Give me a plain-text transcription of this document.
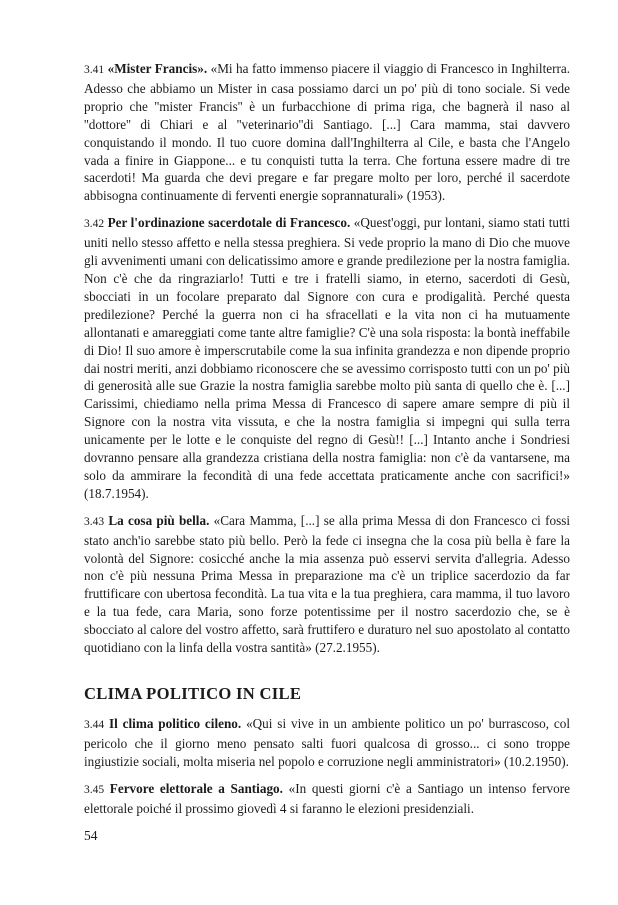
3.41 «Mister Francis». «Mi ha fatto immenso piacere il viaggio di Francesco in Inghilterra. Adesso che abbiamo un Mister in casa possiamo darci un po' più di tono sociale. Si vede proprio che ''mister Francis'' è un furbacchione di prima riga, che bagnerà il naso al ''dottore'' di Chiari e al ''veterinario''di Santiago. [...] Cara mamma, stai davvero conquistando il mondo. Il tuo cuore domina dall'Inghilterra al Cile, e basta che l'Angelo vada a finire in Giappone... e tu conquisti tutta la terra. Che fortuna essere madre di tre sacerdoti! Ma guarda che devi pregare e far pregare molto per loro, perché il sacerdote abbisogna continuamente di ferventi energie soprannaturali» (1953).

3.42 Per l'ordinazione sacerdotale di Francesco. «Quest'oggi, pur lontani, siamo stati tutti uniti nello stesso affetto e nella stessa preghiera. Si vede proprio la mano di Dio che muove gli avvenimenti umani con delicatissimo amore e grande predilezione per la nostra famiglia. Non c'è che da ringraziarlo! Tutti e tre i fratelli siamo, in eterno, sacerdoti di Gesù, sbocciati in un focolare preparato dal Signore con cura e prodigalità. Perché questa predilezione? Perché la guerra non ci ha sfracellati e la vita non ci ha mutuamente allontanati e amareggiati come tante altre famiglie? C'è una sola risposta: la bontà ineffabile di Dio! Il suo amore è imperscrutabile come la sua infinita grandezza e non dipende proprio dai nostri meriti, anzi dobbiamo riconoscere che se avessimo corrisposto tutti con un po' più di generosità alle sue Grazie la nostra famiglia sarebbe molto più santa di quello che è. [...] Carissimi, chiediamo nella prima Messa di Francesco di sapere amare sempre di più il Signore con la nostra vita vissuta, e che la nostra famiglia si impegni qui sulla terra unicamente per le lotte e le conquiste del regno di Gesù!! [...] Intanto anche i Sondriesi dovranno pensare alla grandezza cristiana della nostra famiglia: non c'è da vantarsene, ma solo da ammirare la fecondità di una fede accettata praticamente anche con sacrifici!» (18.7.1954).

3.43 La cosa più bella. «Cara Mamma, [...] se alla prima Messa di don Francesco ci fossi stato anch'io sarebbe stato più bello. Però la fede ci insegna che la cosa più bella è fare la volontà del Signore: cosicché anche la mia assenza può esservi servita d'allegria. Adesso non c'è più nessuna Prima Messa in preparazione ma c'è un triplice sacerdozio da far fruttificare con ubertosa fecondità. La tua vita e la tua preghiera, cara mamma, il tuo lavoro e la tua fede, cara Maria, sono forze potentissime per il nostro sacerdozio che, se è sbocciato al calore del vostro affetto, sarà fruttifero e duraturo nel suo apostolato al contatto quotidiano con la linfa della vostra santità» (27.2.1955).

CLIMA POLITICO IN CILE

3.44 Il clima politico cileno. «Qui si vive in un ambiente politico un po' burrascoso, col pericolo che il giorno meno pensato salti fuori qualcosa di grosso... ci sono troppe ingiustizie sociali, molta miseria nel popolo e corruzione negli amministratori» (10.2.1950).

3.45 Fervore elettorale a Santiago. «In questi giorni c'è a Santiago un intenso fervore elettorale poiché il prossimo giovedì 4 si faranno le elezioni presidenziali.

54
